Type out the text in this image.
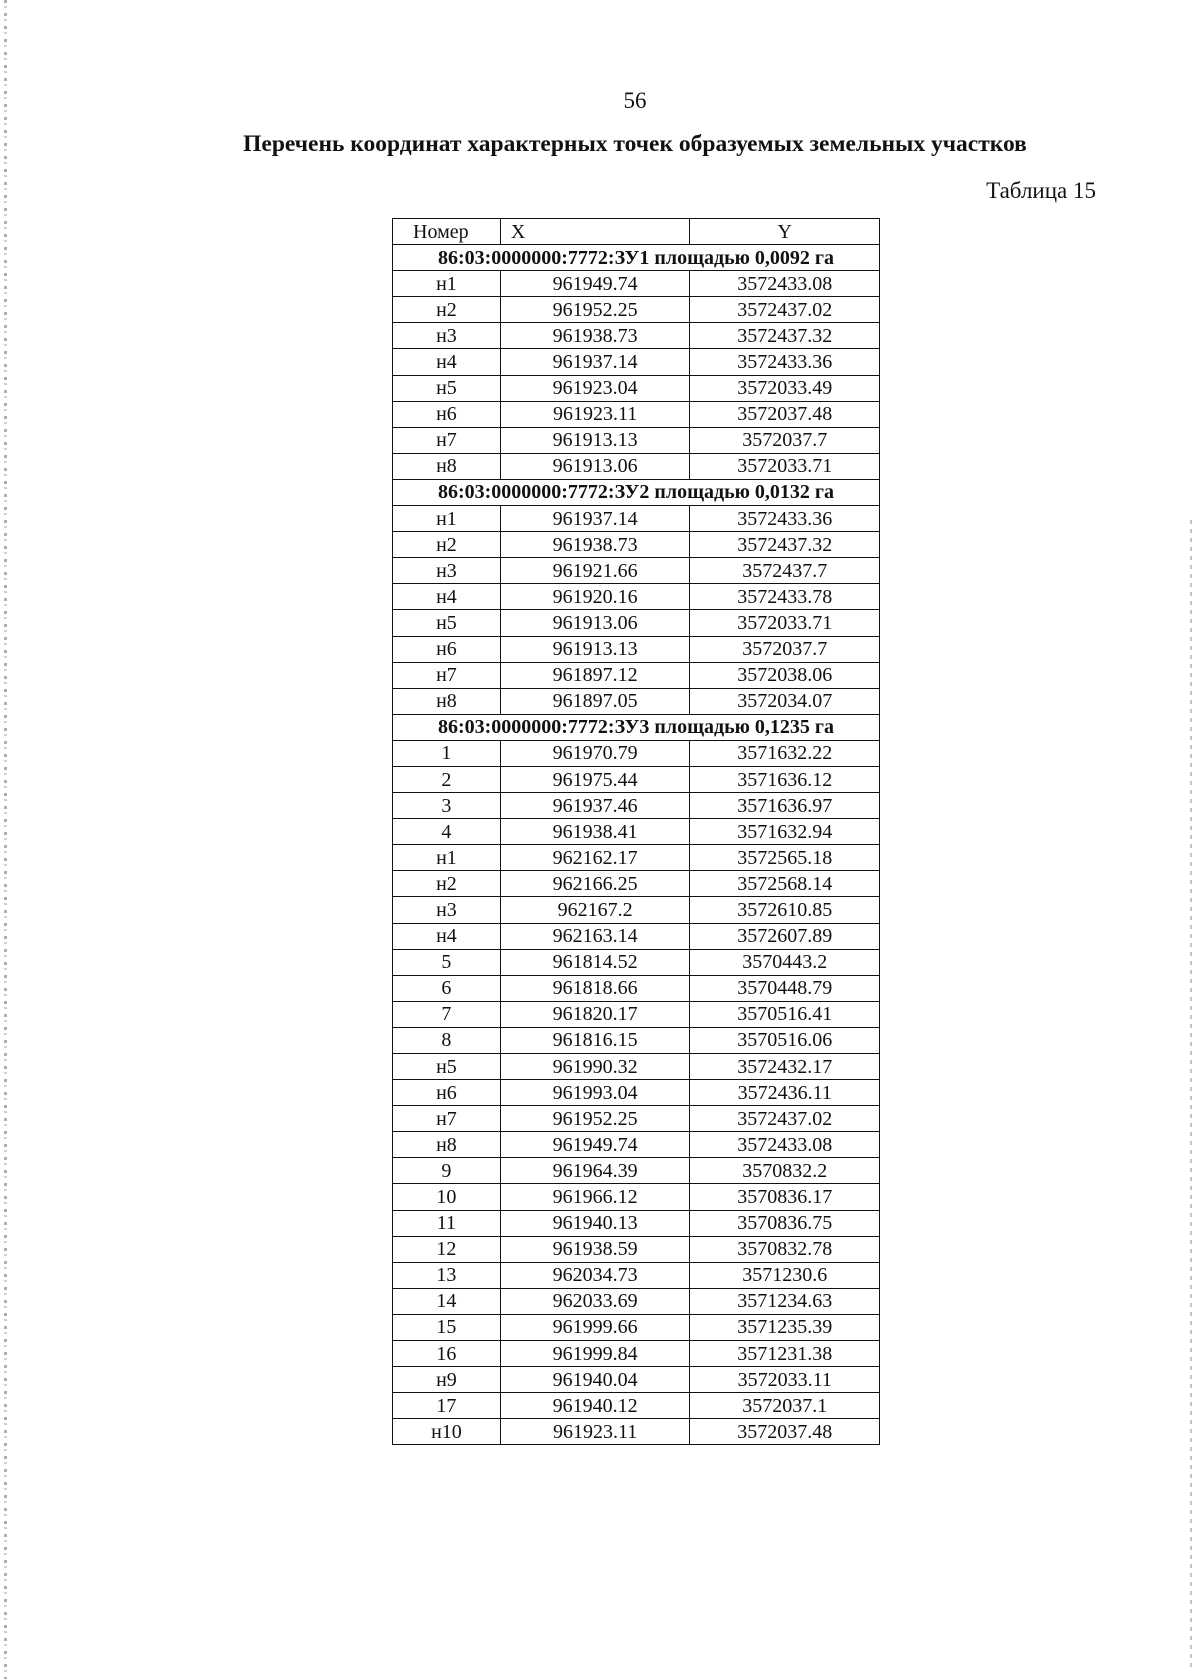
56
Перечень координат характерных точек образуемых земельных участков
Таблица 15
Номер	X	Y
86:03:0000000:7772:ЗУ1 площадью 0,0092 га		
н1	961949.74	3572433.08
н2	961952.25	3572437.02
н3	961938.73	3572437.32
н4	961937.14	3572433.36
н5	961923.04	3572033.49
н6	961923.11	3572037.48
н7	961913.13	3572037.7
н8	961913.06	3572033.71
86:03:0000000:7772:ЗУ2 площадью 0,0132 га		
н1	961937.14	3572433.36
н2	961938.73	3572437.32
н3	961921.66	3572437.7
н4	961920.16	3572433.78
н5	961913.06	3572033.71
н6	961913.13	3572037.7
н7	961897.12	3572038.06
н8	961897.05	3572034.07
86:03:0000000:7772:ЗУ3 площадью 0,1235 га		
1	961970.79	3571632.22
2	961975.44	3571636.12
3	961937.46	3571636.97
4	961938.41	3571632.94
н1	962162.17	3572565.18
н2	962166.25	3572568.14
н3	962167.2	3572610.85
н4	962163.14	3572607.89
5	961814.52	3570443.2
6	961818.66	3570448.79
7	961820.17	3570516.41
8	961816.15	3570516.06
н5	961990.32	3572432.17
н6	961993.04	3572436.11
н7	961952.25	3572437.02
н8	961949.74	3572433.08
9	961964.39	3570832.2
10	961966.12	3570836.17
11	961940.13	3570836.75
12	961938.59	3570832.78
13	962034.73	3571230.6
14	962033.69	3571234.63
15	961999.66	3571235.39
16	961999.84	3571231.38
н9	961940.04	3572033.11
17	961940.12	3572037.1
н10	961923.11	3572037.48
